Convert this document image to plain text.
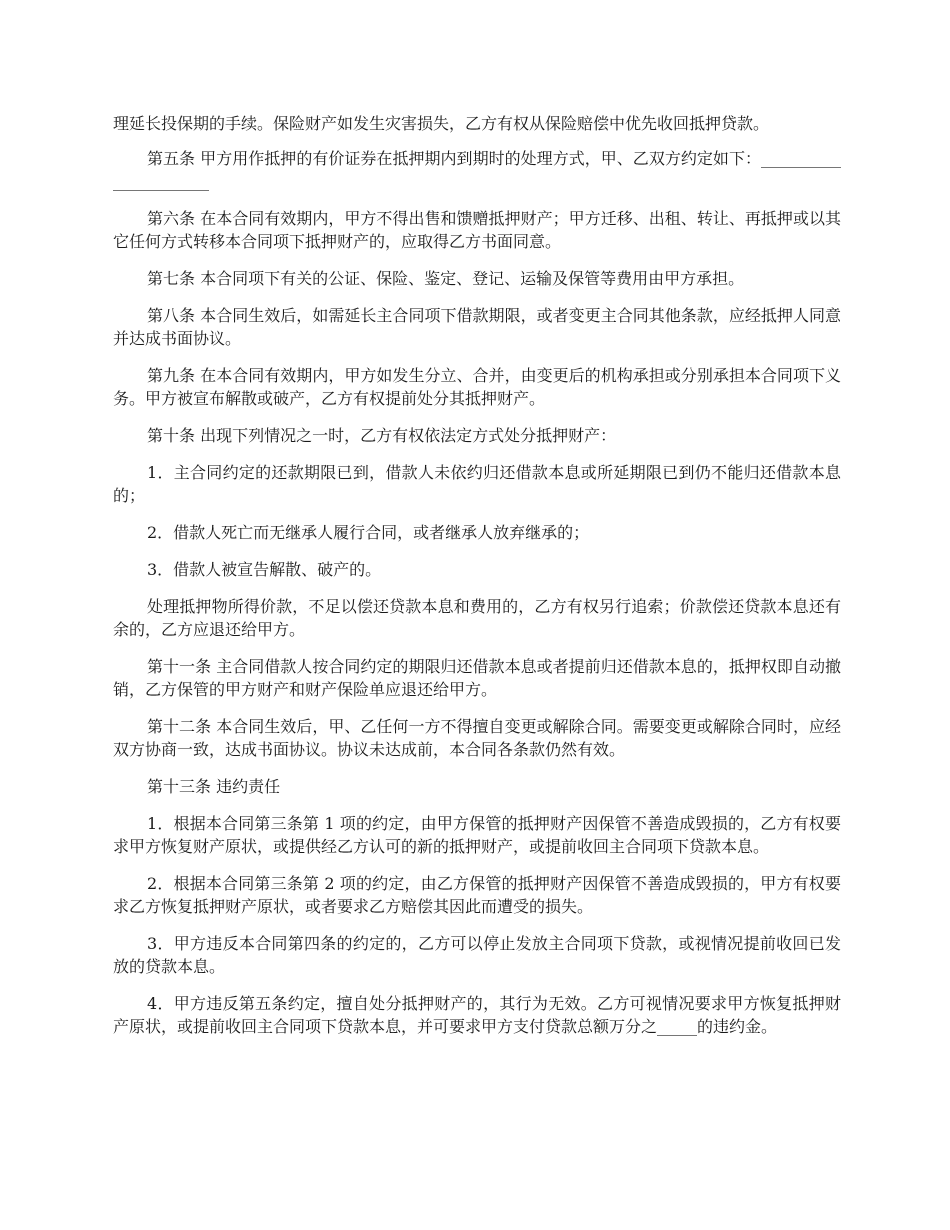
理延长投保期的手续。保险财产如发生灾害损失，乙方有权从保险赔偿中优先收回抵押贷款。

第五条 甲方用作抵押的有价证券在抵押期内到期时的处理方式，甲、乙双方约定如下：______________________

第六条 在本合同有效期内，甲方不得出售和馈赠抵押财产；甲方迁移、出租、转让、再抵押或以其它任何方式转移本合同项下抵押财产的，应取得乙方书面同意。

第七条 本合同项下有关的公证、保险、鉴定、登记、运输及保管等费用由甲方承担。

第八条 本合同生效后，如需延长主合同项下借款期限，或者变更主合同其他条款，应经抵押人同意并达成书面协议。

第九条 在本合同有效期内，甲方如发生分立、合并，由变更后的机构承担或分别承担本合同项下义务。甲方被宣布解散或破产，乙方有权提前处分其抵押财产。

第十条 出现下列情况之一时，乙方有权依法定方式处分抵押财产：

1．主合同约定的还款期限已到，借款人未依约归还借款本息或所延期限已到仍不能归还借款本息的；

2．借款人死亡而无继承人履行合同，或者继承人放弃继承的；

3．借款人被宣告解散、破产的。

处理抵押物所得价款，不足以偿还贷款本息和费用的，乙方有权另行追索；价款偿还贷款本息还有余的，乙方应退还给甲方。

第十一条 主合同借款人按合同约定的期限归还借款本息或者提前归还借款本息的，抵押权即自动撤销，乙方保管的甲方财产和财产保险单应退还给甲方。

第十二条 本合同生效后，甲、乙任何一方不得擅自变更或解除合同。需要变更或解除合同时，应经双方协商一致，达成书面协议。协议未达成前，本合同各条款仍然有效。

第十三条 违约责任

1．根据本合同第三条第 1 项的约定，由甲方保管的抵押财产因保管不善造成毁损的，乙方有权要求甲方恢复财产原状，或提供经乙方认可的新的抵押财产，或提前收回主合同项下贷款本息。

2．根据本合同第三条第 2 项的约定，由乙方保管的抵押财产因保管不善造成毁损的，甲方有权要求乙方恢复抵押财产原状，或者要求乙方赔偿其因此而遭受的损失。

3．甲方违反本合同第四条的约定的，乙方可以停止发放主合同项下贷款，或视情况提前收回已发放的贷款本息。

4．甲方违反第五条约定，擅自处分抵押财产的，其行为无效。乙方可视情况要求甲方恢复抵押财产原状，或提前收回主合同项下贷款本息，并可要求甲方支付贷款总额万分之_____的违约金。
